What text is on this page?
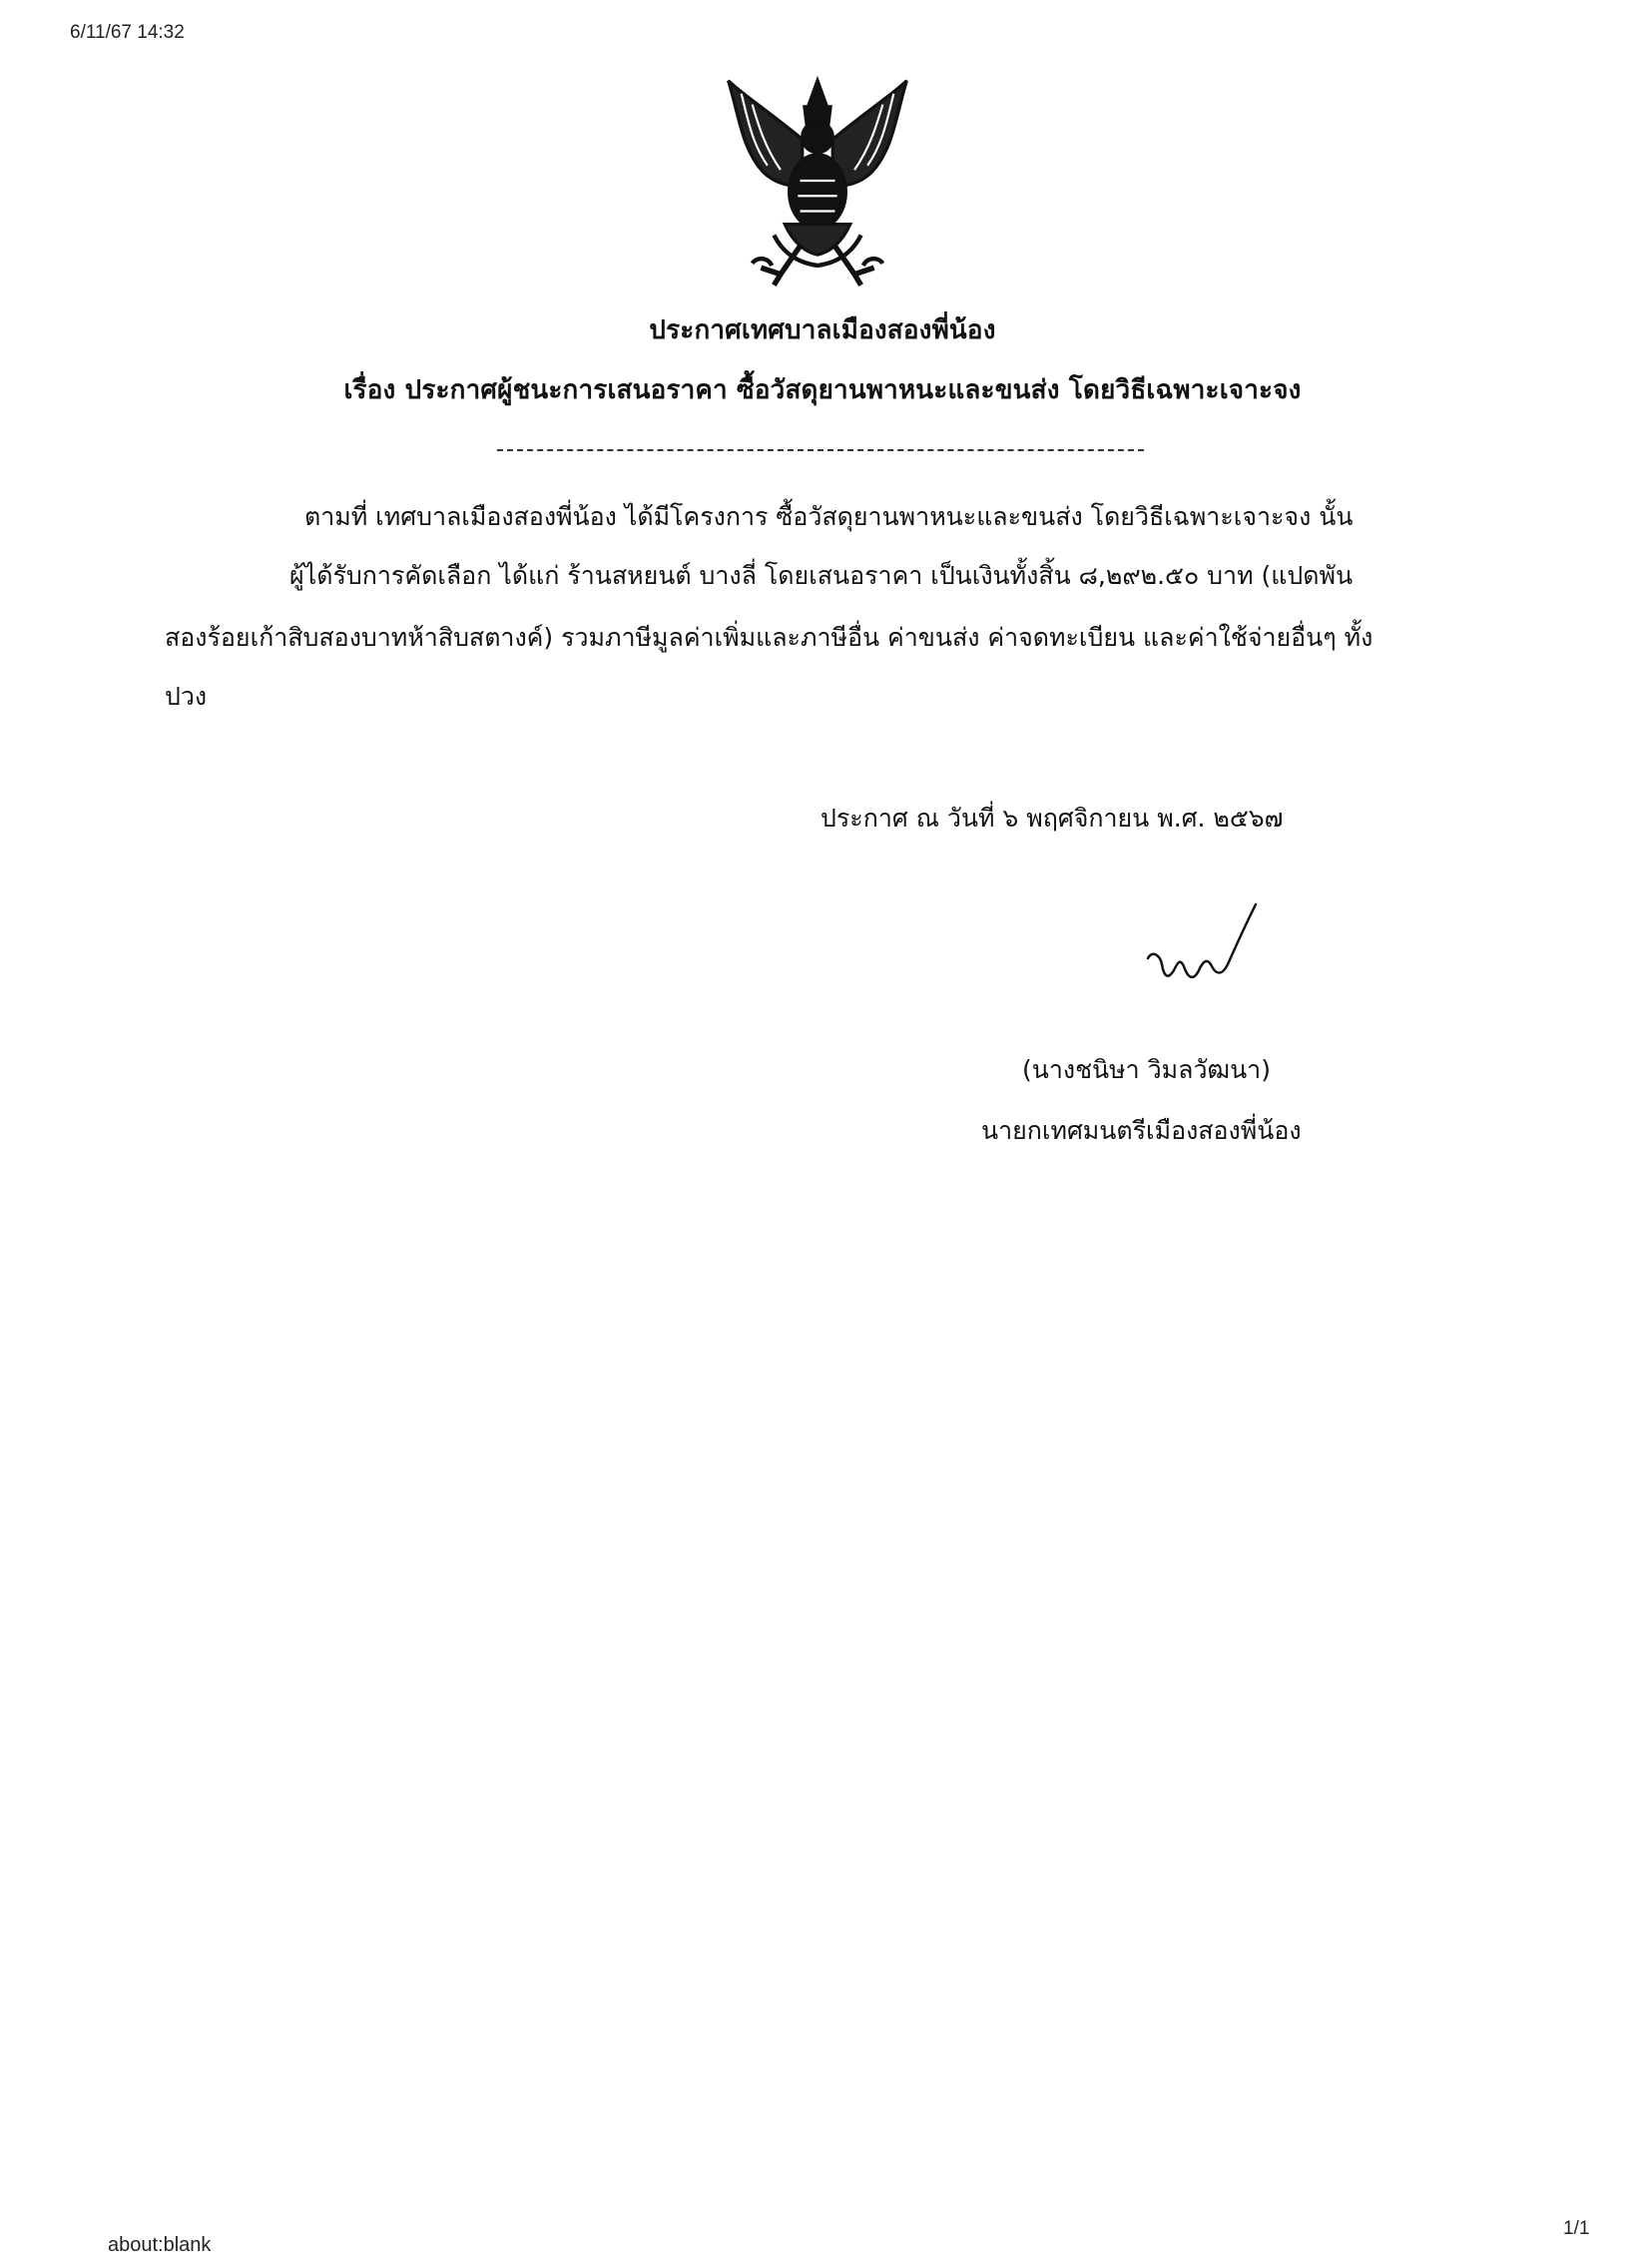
6/11/67 14:32
ประกาศเทศบาลเมืองสองพี่น้อง
เรื่อง ประกาศผู้ชนะการเสนอราคา ซื้อวัสดุยานพาหนะและขนส่ง โดยวิธีเฉพาะเจาะจง
ตามที่ เทศบาลเมืองสองพี่น้อง ได้มีโครงการ ซื้อวัสดุยานพาหนะและขนส่ง โดยวิธีเฉพาะเจาะจง นั้น
ผู้ได้รับการคัดเลือก ได้แก่ ร้านสหยนต์ บางลี่ โดยเสนอราคา เป็นเงินทั้งสิ้น ๘,๒๙๒.๕๐ บาท (แปดพัน
สองร้อยเก้าสิบสองบาทห้าสิบสตางค์) รวมภาษีมูลค่าเพิ่มและภาษีอื่น ค่าขนส่ง ค่าจดทะเบียน และค่าใช้จ่ายอื่นๆ ทั้ง
ปวง
ประกาศ ณ วันที่ ๖ พฤศจิกายน พ.ศ. ๒๕๖๗
(นางชนิษา วิมลวัฒนา)
นายกเทศมนตรีเมืองสองพี่น้อง
about:blank
1/1
